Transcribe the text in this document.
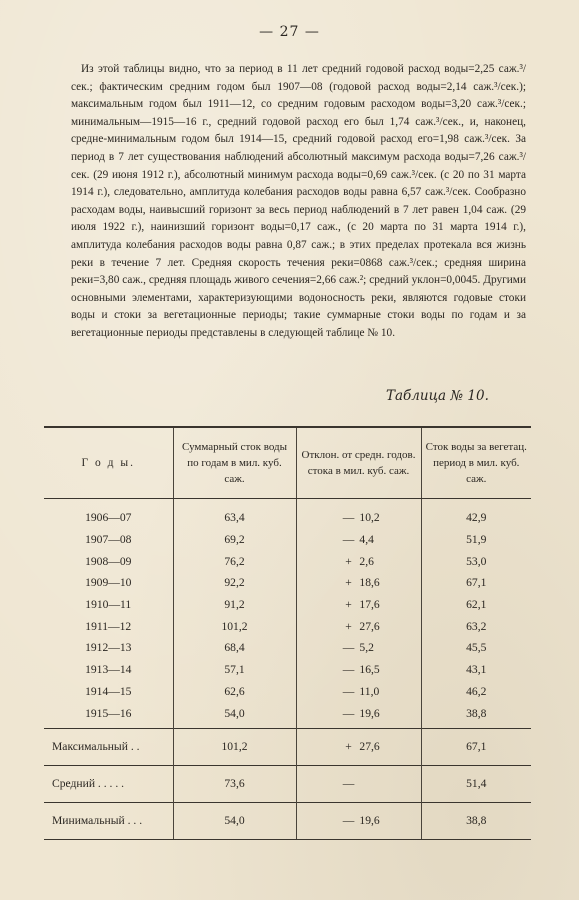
— 27 —

Из этой таблицы видно, что за период в 11 лет средний годовой расход воды=2,25 саж.³/сек.; фактическим средним годом был 1907—08 (годовой расход воды=2,14 саж.³/сек.); максимальным годом был 1911—12, со средним годовым расходом воды=3,20 саж.³/сек.; минимальным—1915—16 г., средний годовой расход его был 1,74 саж.³/сек., и, наконец, средне-минимальным годом был 1914—15, средний годовой расход его=1,98 саж.³/сек. За период в 7 лет существования наблюдений абсолютный максимум расхода воды=7,26 саж.³/сек. (29 июня 1912 г.), абсолютный минимум расхода воды=0,69 саж.³/сек. (с 20 по 31 марта 1914 г.), следовательно, амплитуда колебания расходов воды равна 6,57 саж.³/сек. Сообразно расходам воды, наивысший горизонт за весь период наблюдений в 7 лет равен 1,04 саж. (29 июля 1922 г.), наинизший горизонт воды=0,17 саж., (с 20 марта по 31 марта 1914 г.), амплитуда колебания расходов воды равна 0,87 саж.; в этих пределах протекала вся жизнь реки в течение 7 лет. Средняя скорость течения реки=0868 саж.³/сек.; средняя ширина реки=3,80 саж., средняя площадь живого сечения=2,66 саж.²; средний уклон=0,0045. Другими основными элементами, характеризующими водоносность реки, являются годовые стоки воды и стоки за вегетационные периоды; такие суммарные стоки воды по годам и за вегетационные периоды представлены в следующей таблице № 10.

Таблица № 10.
Г о д ы.	Суммарный сток воды по годам в мил. куб. саж.	Отклон. от средн. годов. стока в мил. куб. саж.	Сток воды за вегетац. период в мил. куб. саж.
1906—07	63,4	— 10,2	42,9
1907—08	69,2	— 4,4	51,9
1908—09	76,2	+ 2,6	53,0
1909—10	92,2	+ 18,6	67,1
1910—11	91,2	+ 17,6	62,1
1911—12	101,2	+ 27,6	63,2
1912—13	68,4	— 5,2	45,5
1913—14	57,1	— 16,5	43,1
1914—15	62,6	— 11,0	46,2
1915—16	54,0	— 19,6	38,8
Максимальный . .	101,2	+ 27,6	67,1
Средний . . . . .	73,6	—	51,4
Минимальный . . .	54,0	— 19,6	38,8
